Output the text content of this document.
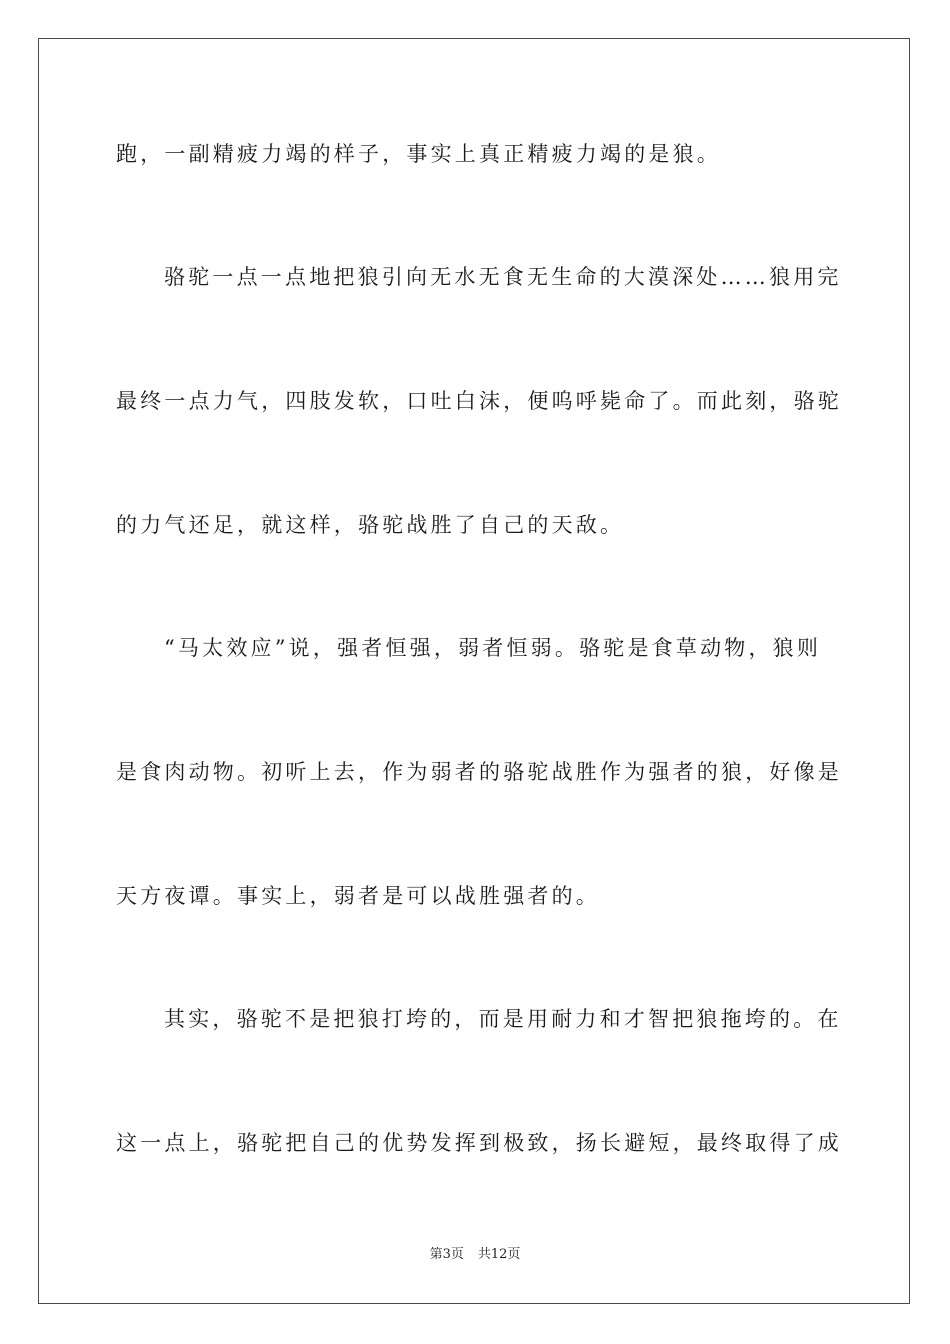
跑，一副精疲力竭的样子，事实上真正精疲力竭的是狼。
骆驼一点一点地把狼引向无水无食无生命的大漠深处……狼用完
最终一点力气，四肢发软，口吐白沫，便呜呼毙命了。而此刻，骆驼
的力气还足，就这样，骆驼战胜了自己的天敌。
“马太效应”说，强者恒强，弱者恒弱。骆驼是食草动物，狼则
是食肉动物。初听上去，作为弱者的骆驼战胜作为强者的狼，好像是
天方夜谭。事实上，弱者是可以战胜强者的。
其实，骆驼不是把狼打垮的，而是用耐力和才智把狼拖垮的。在
这一点上，骆驼把自己的优势发挥到极致，扬长避短，最终取得了成
第3页 共12页
